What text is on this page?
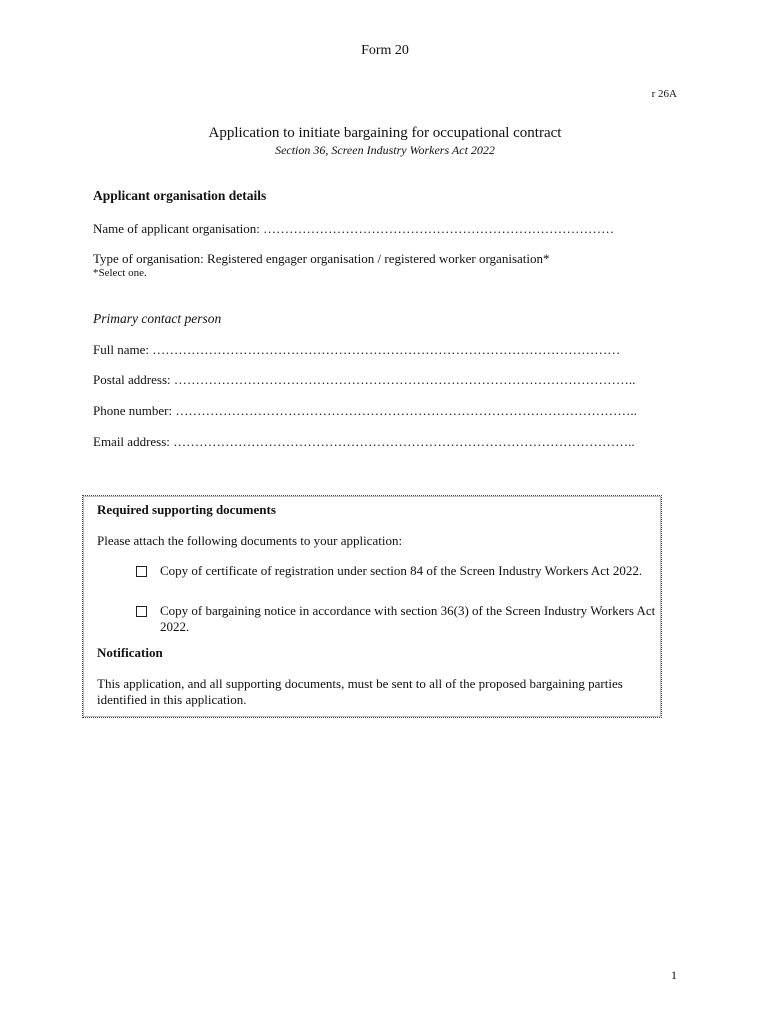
Form 20
r 26A
Application to initiate bargaining for occupational contract
Section 36, Screen Industry Workers Act 2022
Applicant organisation details
Name of applicant organisation: ………………………………………………………………………
Type of organisation: Registered engager organisation / registered worker organisation*
*Select one.
Primary contact person
Full name: ………………………………………………………………………………………………
Postal address: ……………………………………………………………………………………………..
Phone number: ……………………………………………………………………………………………..
Email address: ……………………………………………………………………………………………..
Required supporting documents
Please attach the following documents to your application:
Copy of certificate of registration under section 84 of the Screen Industry Workers Act 2022.
Copy of bargaining notice in accordance with section 36(3) of the Screen Industry Workers Act 2022.
Notification
This application, and all supporting documents, must be sent to all of the proposed bargaining parties identified in this application.
1
